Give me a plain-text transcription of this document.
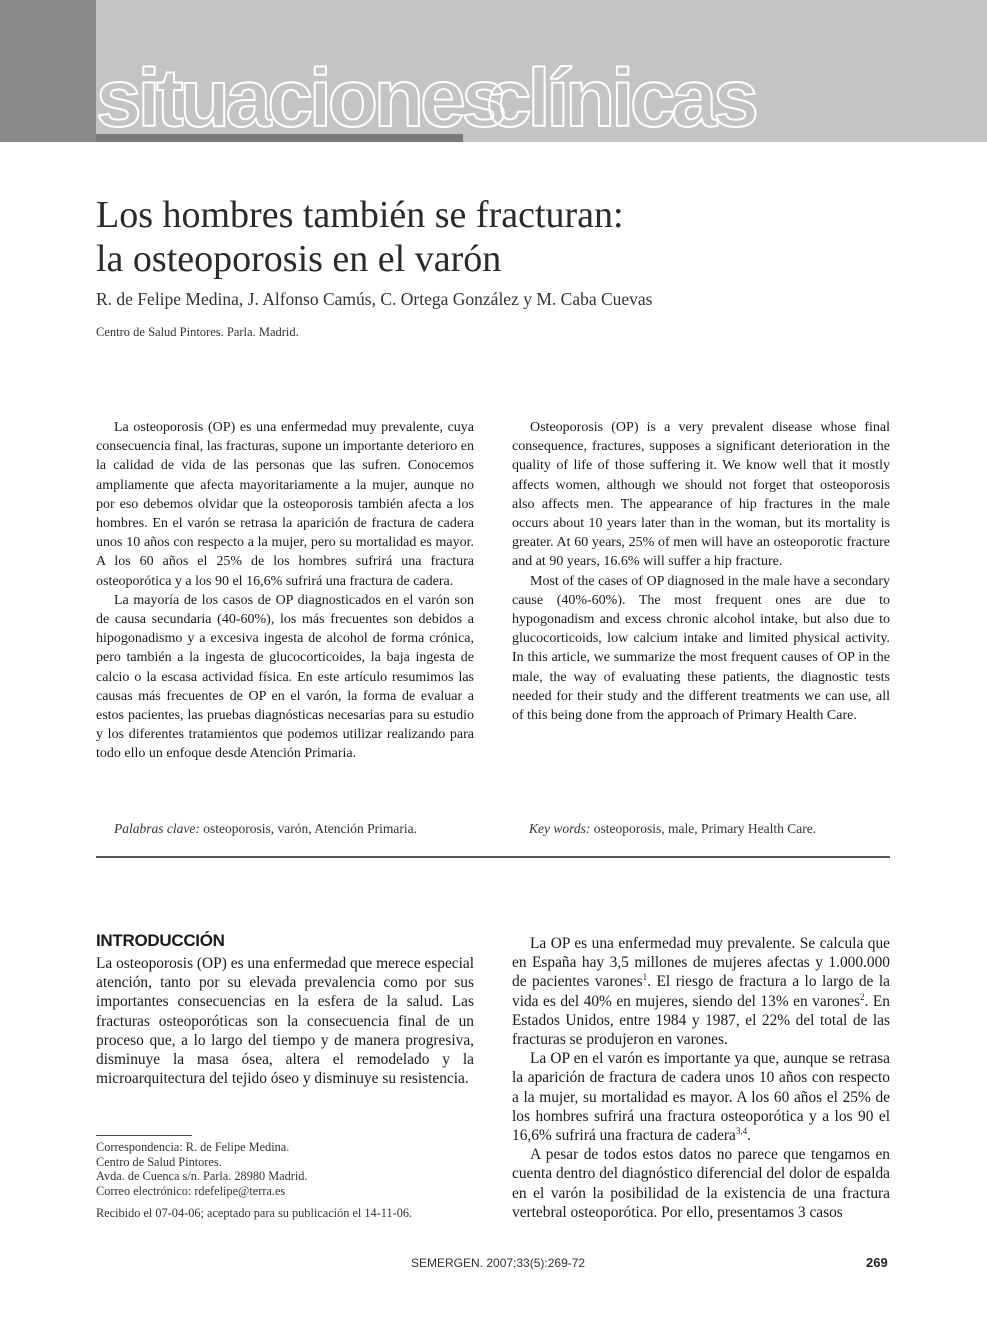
situaciones
clínicas
Los hombres también se fracturan:
la osteoporosis en el varón
R. de Felipe Medina, J. Alfonso Camús, C. Ortega González y M. Caba Cuevas
Centro de Salud Pintores. Parla. Madrid.

La osteoporosis (OP) es una enfermedad muy prevalente, cuya consecuencia final, las fracturas, supone un importante deterioro en la calidad de vida de las personas que las sufren. Conocemos ampliamente que afecta mayoritariamente a la mujer, aunque no por eso debemos olvidar que la osteoporosis también afecta a los hombres. En el varón se retrasa la aparición de fractura de cadera unos 10 años con respecto a la mujer, pero su mortalidad es mayor. A los 60 años el 25% de los hombres sufrirá una fractura osteoporótica y a los 90 el 16,6% sufrirá una fractura de cadera.

La mayoría de los casos de OP diagnosticados en el varón son de causa secundaria (40-60%), los más frecuentes son debidos a hipogonadismo y a excesiva ingesta de alcohol de forma crónica, pero también a la ingesta de glucocorticoides, la baja ingesta de calcio o la escasa actividad física. En este artículo resumimos las causas más frecuentes de OP en el varón, la forma de evaluar a estos pacientes, las pruebas diagnósticas necesarias para su estudio y los diferentes tratamientos que podemos utilizar realizando para todo ello un enfoque desde Atención Primaria.

Osteoporosis (OP) is a very prevalent disease whose final consequence, fractures, supposes a significant deterioration in the quality of life of those suffering it. We know well that it mostly affects women, although we should not forget that osteoporosis also affects men. The appearance of hip fractures in the male occurs about 10 years later than in the woman, but its mortality is greater. At 60 years, 25% of men will have an osteoporotic fracture and at 90 years, 16.6% will suffer a hip fracture.

Most of the cases of OP diagnosed in the male have a secondary cause (40%-60%). The most frequent ones are due to hypogonadism and excess chronic alcohol intake, but also due to glucocorticoids, low calcium intake and limited physical activity. In this article, we summarize the most frequent causes of OP in the male, the way of evaluating these patients, the diagnostic tests needed for their study and the different treatments we can use, all of this being done from the approach of Primary Health Care.

Palabras clave: osteoporosis, varón, Atención Primaria.	Key words: osteoporosis, male, Primary Health Care.
INTRODUCCIÓN

La osteoporosis (OP) es una enfermedad que merece especial atención, tanto por su elevada prevalencia como por sus importantes consecuencias en la esfera de la salud. Las fracturas osteoporóticas son la consecuencia final de un proceso que, a lo largo del tiempo y de manera progresiva, disminuye la masa ósea, altera el remodelado y la microarquitectura del tejido óseo y disminuye su resistencia.

La OP es una enfermedad muy prevalente. Se calcula que en España hay 3,5 millones de mujeres afectas y 1.000.000 de pacientes varones$^1$. El riesgo de fractura a lo largo de la vida es del 40% en mujeres, siendo del 13% en varones$^2$. En Estados Unidos, entre 1984 y 1987, el 22% del total de las fracturas se produjeron en varones.

La OP en el varón es importante ya que, aunque se retrasa la aparición de fractura de cadera unos 10 años con respecto a la mujer, su mortalidad es mayor. A los 60 años el 25% de los hombres sufrirá una fractura osteoporótica y a los 90 el 16,6% sufrirá una fractura de cadera$^{3,4}$.

A pesar de todos estos datos no parece que tengamos en cuenta dentro del diagnóstico diferencial del dolor de espalda en el varón la posibilidad de la existencia de una fractura vertebral osteoporótica. Por ello, presentamos 3 casos

Correspondencia: R. de Felipe Medina.
Centro de Salud Pintores.
Avda. de Cuenca s/n. Parla. 28980 Madrid.
Correo electrónico: rdefelipe@terra.es
Recibido el 07-04-06; aceptado para su publicación el 14-11-06.
SEMERGEN. 2007;33(5):269-72	269
